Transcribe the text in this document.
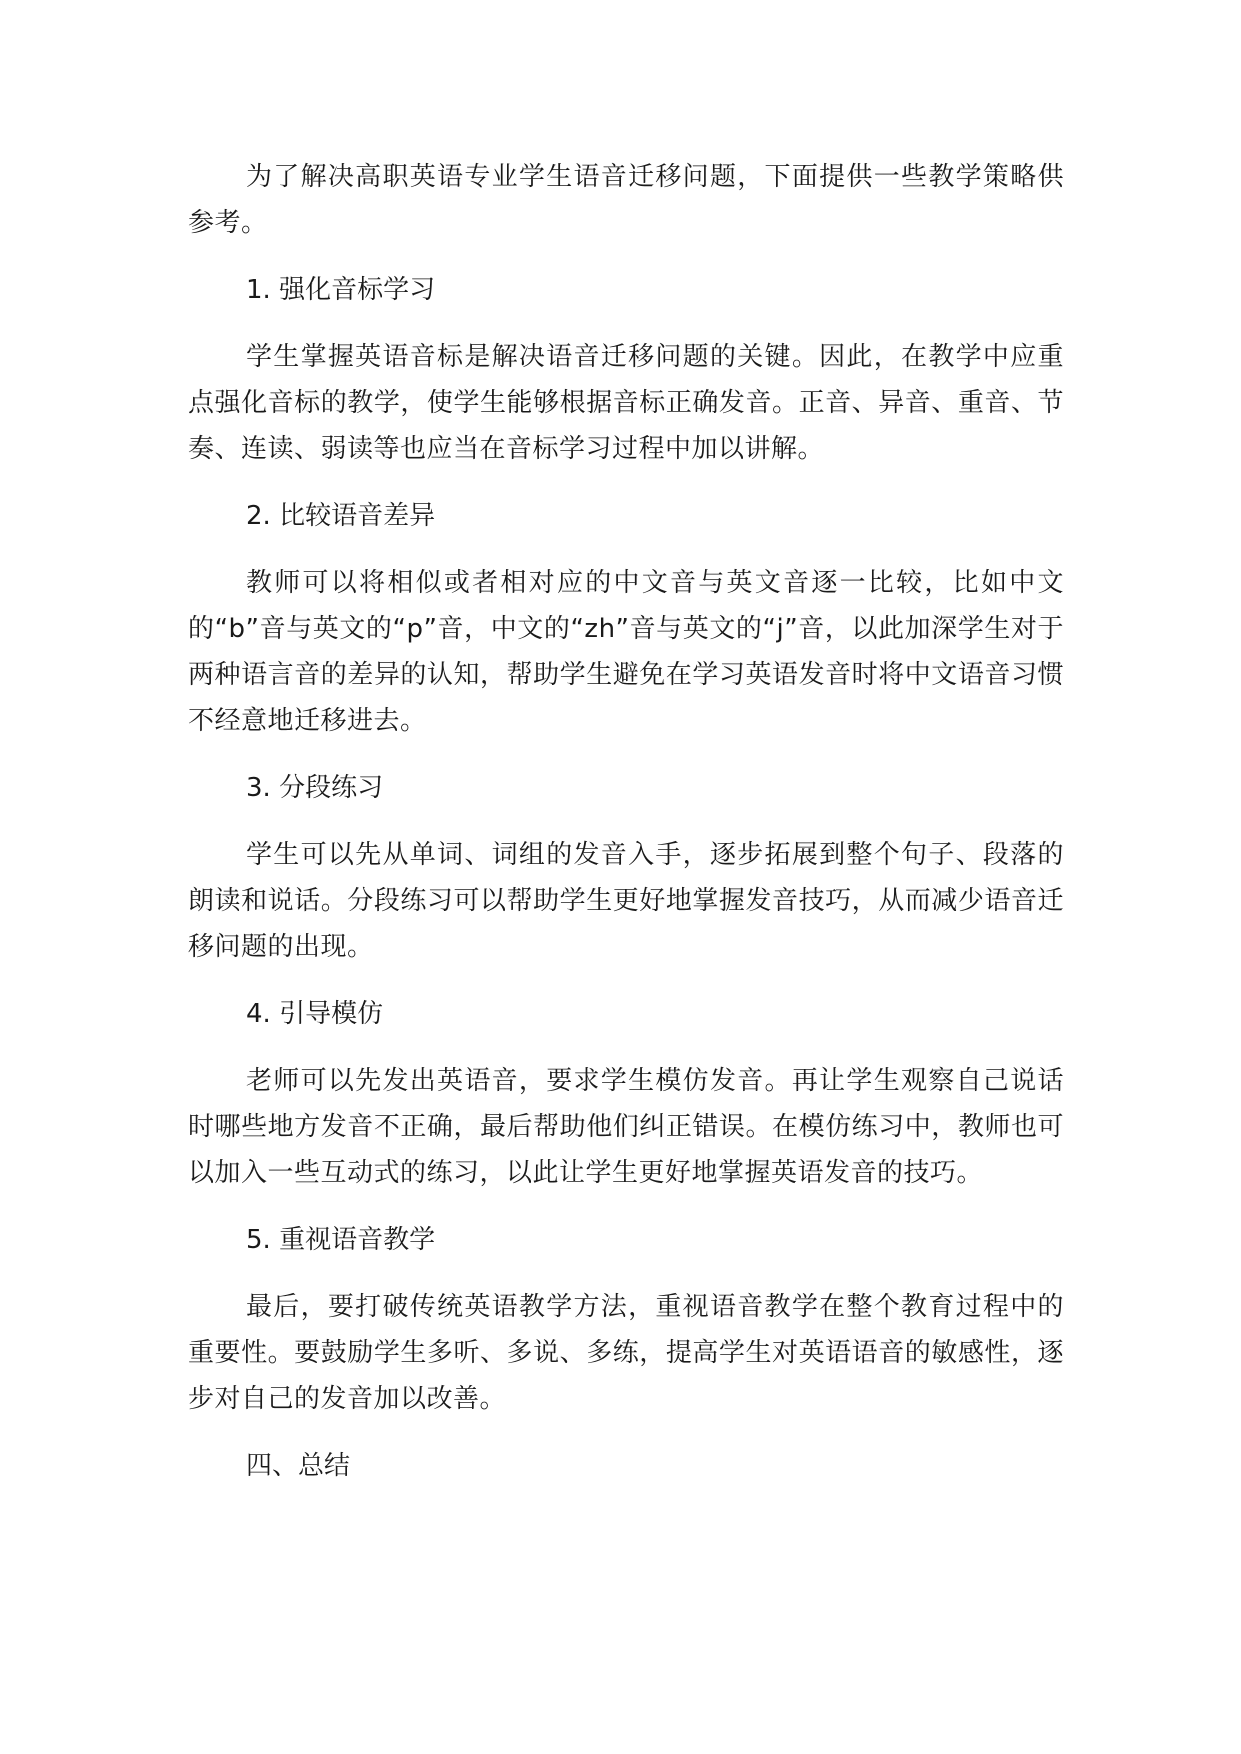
为了解决高职英语专业学生语音迁移问题，下面提供一些教学策略供参考。

1. 强化音标学习

学生掌握英语音标是解决语音迁移问题的关键。因此，在教学中应重点强化音标的教学，使学生能够根据音标正确发音。正音、异音、重音、节奏、连读、弱读等也应当在音标学习过程中加以讲解。

2. 比较语音差异

教师可以将相似或者相对应的中文音与英文音逐一比较，比如中文的“b”音与英文的“p”音，中文的“zh”音与英文的“j”音，以此加深学生对于两种语言音的差异的认知，帮助学生避免在学习英语发音时将中文语音习惯不经意地迁移进去。

3. 分段练习

学生可以先从单词、词组的发音入手，逐步拓展到整个句子、段落的朗读和说话。分段练习可以帮助学生更好地掌握发音技巧，从而减少语音迁移问题的出现。

4. 引导模仿

老师可以先发出英语音，要求学生模仿发音。再让学生观察自己说话时哪些地方发音不正确，最后帮助他们纠正错误。在模仿练习中，教师也可以加入一些互动式的练习，以此让学生更好地掌握英语发音的技巧。

5. 重视语音教学

最后，要打破传统英语教学方法，重视语音教学在整个教育过程中的重要性。要鼓励学生多听、多说、多练，提高学生对英语语音的敏感性，逐步对自己的发音加以改善。

四、总结
